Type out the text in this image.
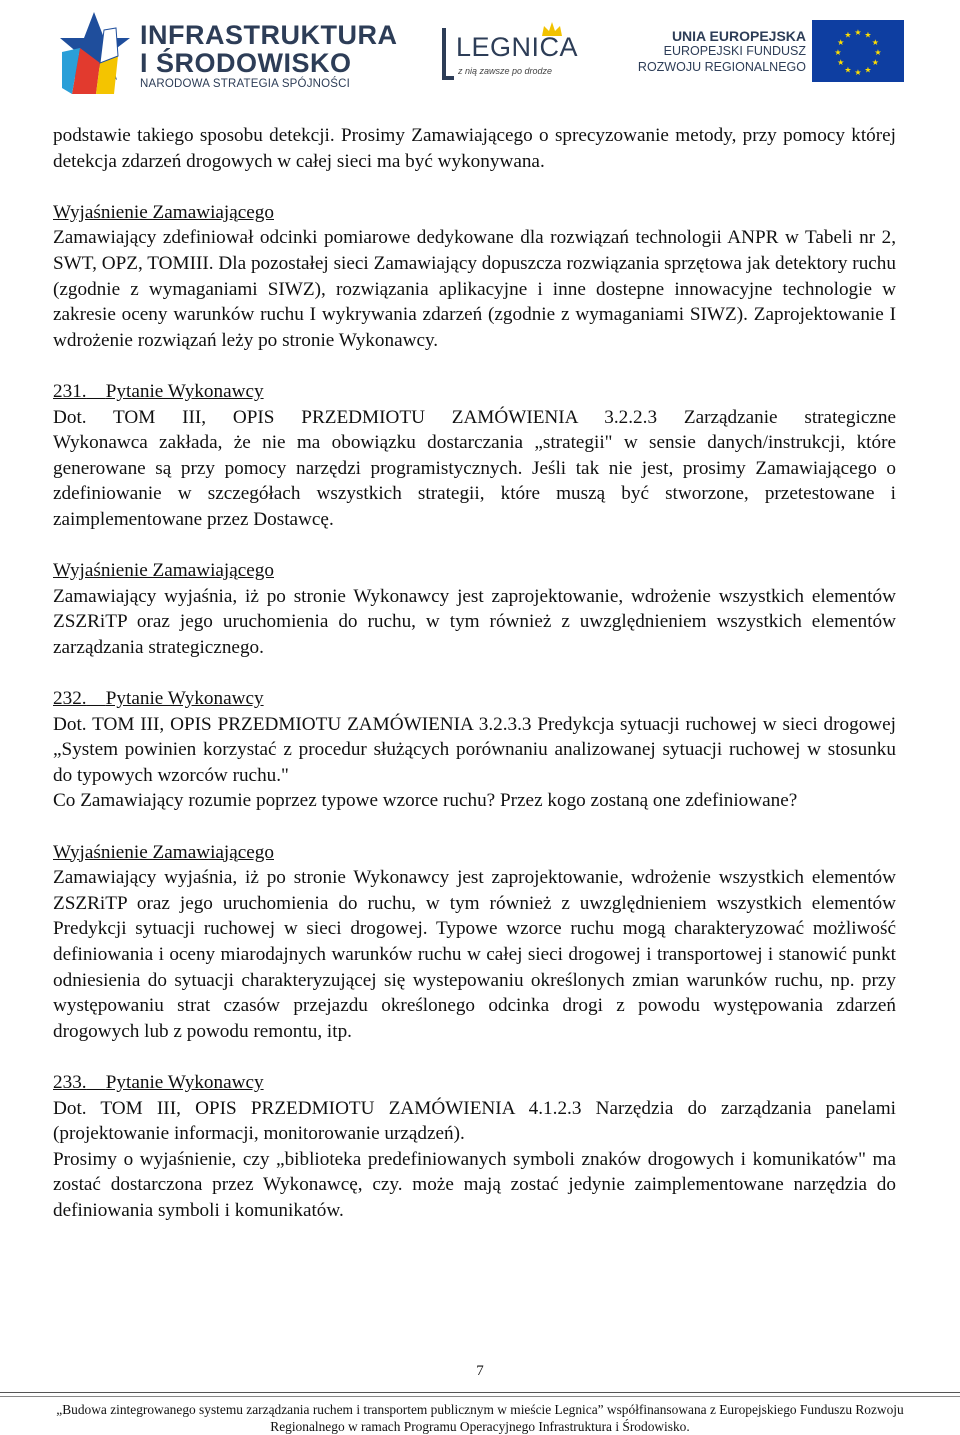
INFRASTRUKTURA
I ŚRODOWISKO
NARODOWA STRATEGIA SPÓJNOŚCI
LEGNICA
z nią zawsze po drodze
UNIA EUROPEJSKA
EUROPEJSKI FUNDUSZ
ROZWOJU REGIONALNEGO
★ ★
★
★
★
★
★
★
★
★
★
★

podstawie takiego sposobu detekcji. Prosimy Zamawiającego o sprecyzowanie metody, przy pomocy której detekcja zdarzeń drogowych w całej sieci ma być wykonywana.

Wyjaśnienie Zamawiającego

Zamawiający zdefiniował odcinki pomiarowe dedykowane dla rozwiązań technologii ANPR w Tabeli nr 2, SWT, OPZ, TOMIII. Dla pozostałej sieci Zamawiający dopuszcza rozwiązania sprzętowa jak detektory ruchu (zgodnie z wymaganiami SIWZ), rozwiązania aplikacyjne i inne dostepne innowacyjne technologie w zakresie oceny warunków ruchu I wykrywania zdarzeń (zgodnie z wymaganiami SIWZ). Zaprojektowanie I wdrożenie rozwiązań leży po stronie Wykonawcy.

231. Pytanie Wykonawcy

Dot. TOM III, OPIS PRZEDMIOTU ZAMÓWIENIA 3.2.2.3 Zarządzanie strategiczne

Wykonawca zakłada, że nie ma obowiązku dostarczania „strategii" w sensie danych/instrukcji, które generowane są przy pomocy narzędzi programistycznych. Jeśli tak nie jest, prosimy Zamawiającego o zdefiniowanie w szczegółach wszystkich strategii, które muszą być stworzone, przetestowane i zaimplementowane przez Dostawcę.

Wyjaśnienie Zamawiającego

Zamawiający wyjaśnia, iż po stronie Wykonawcy jest zaprojektowanie, wdrożenie wszystkich elementów ZSZRiTP oraz jego uruchomienia do ruchu, w tym również z uwzględnieniem wszystkich elementów zarządzania strategicznego.

232. Pytanie Wykonawcy

Dot. TOM III, OPIS PRZEDMIOTU ZAMÓWIENIA 3.2.3.3 Predykcja sytuacji ruchowej w sieci drogowej „System powinien korzystać z procedur służących porównaniu analizowanej sytuacji ruchowej w stosunku do typowych wzorców ruchu."

Co Zamawiający rozumie poprzez typowe wzorce ruchu? Przez kogo zostaną one zdefiniowane?

Wyjaśnienie Zamawiającego

Zamawiający wyjaśnia, iż po stronie Wykonawcy jest zaprojektowanie, wdrożenie wszystkich elementów ZSZRiTP oraz jego uruchomienia do ruchu, w tym również z uwzględnieniem wszystkich elementów Predykcji sytuacji ruchowej w sieci drogowej. Typowe wzorce ruchu mogą charakteryzować możliwość definiowania i oceny miarodajnych warunków ruchu w całej sieci drogowej i transportowej i stanowić punkt odniesienia do sytuacji charakteryzującej się wystepowaniu określonych zmian warunków ruchu, np. przy występowaniu strat czasów przejazdu określonego odcinka drogi z powodu występowania zdarzeń drogowych lub z powodu remontu, itp.

233. Pytanie Wykonawcy

Dot. TOM III, OPIS PRZEDMIOTU ZAMÓWIENIA 4.1.2.3 Narzędzia do zarządzania panelami (projektowanie informacji, monitorowanie urządzeń).

Prosimy o wyjaśnienie, czy „biblioteka predefiniowanych symboli znaków drogowych i komunikatów" ma zostać dostarczona przez Wykonawcę, czy. może mają zostać jedynie zaimplementowane narzędzia do definiowania symboli i komunikatów.

7
„Budowa zintegrowanego systemu zarządzania ruchem i transportem publicznym w mieście Legnica” współfinansowana z Europejskiego Funduszu Rozwoju
Regionalnego w ramach Programu Operacyjnego Infrastruktura i Środowisko.
